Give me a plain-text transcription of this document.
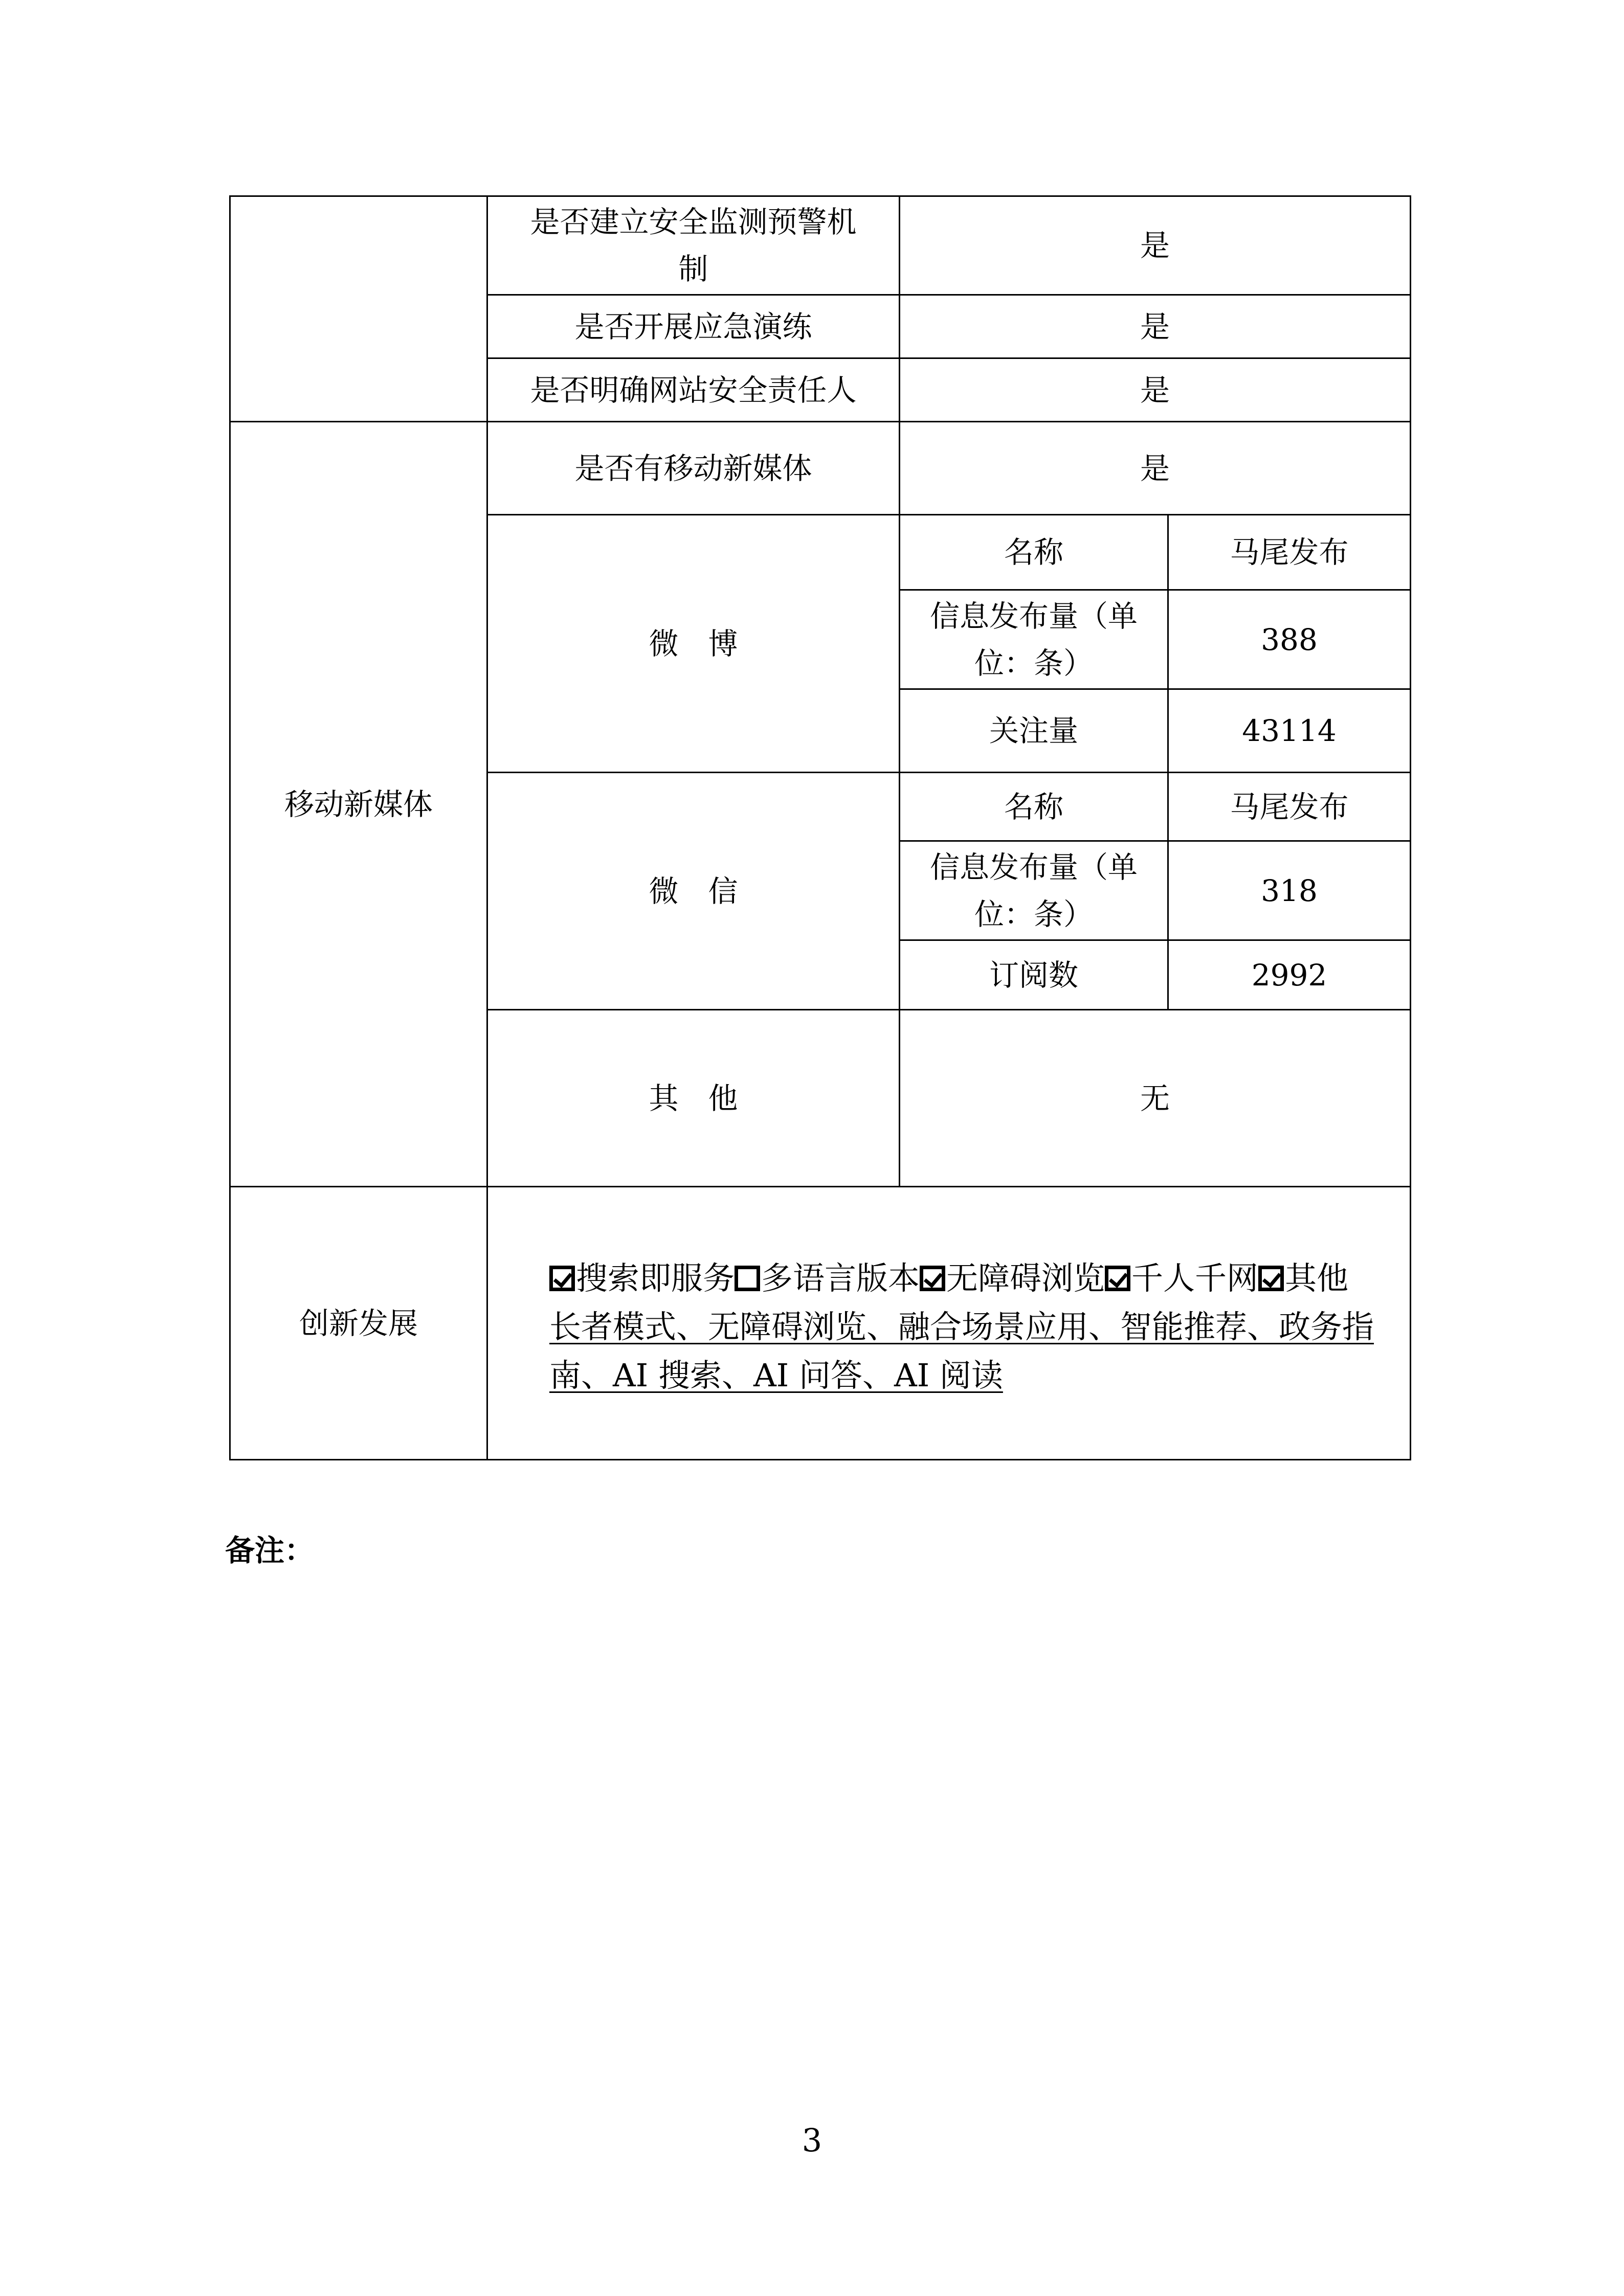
	是否建立安全监测预警机制	是	
	是否开展应急演练	是	
	是否明确网站安全责任人	是	
移动新媒体	是否有移动新媒体	是	
	微　博	名称	马尾发布
		信息发布量（单位：条）	388
		关注量	43114
	微　信	名称	马尾发布
		信息发布量（单位：条）	318
		订阅数	2992
	其　他	无	
创新发展	搜索即服务 多语言版本 无障碍浏览 千人千网 其他
长者模式、无障碍浏览、融合场景应用、智能推荐、政务指南、AI 搜索、AI 问答、AI 阅读		
备注：
3
